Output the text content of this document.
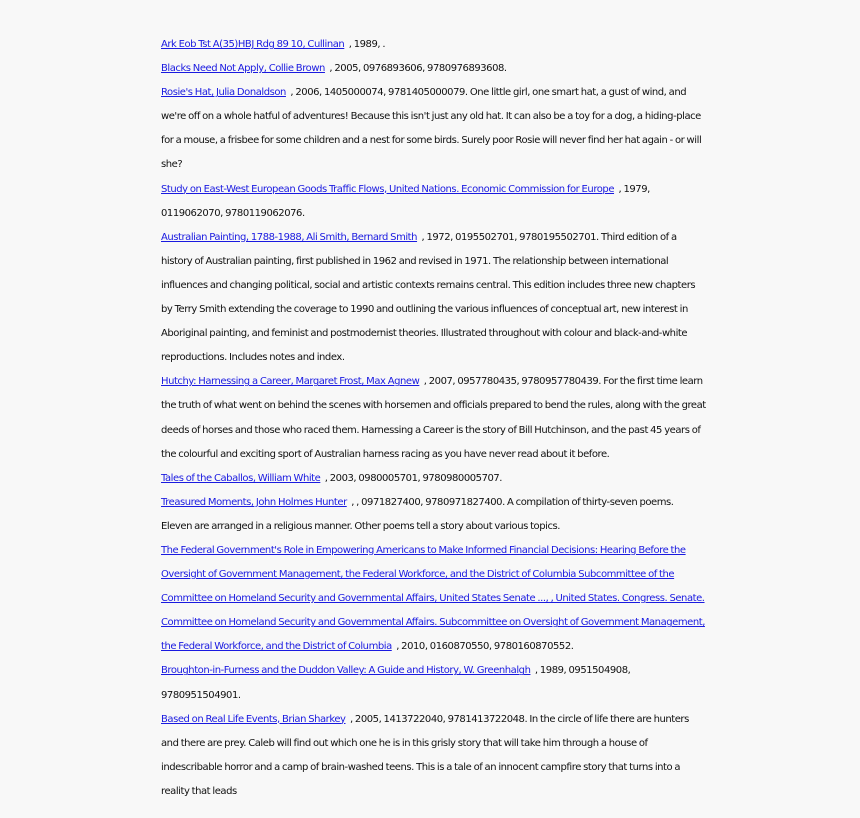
Ark Eob Tst A(35)HBJ Rdg 89 10, Cullinan  , 1989, .

Blacks Need Not Apply, Collie Brown  , 2005, 0976893606, 9780976893608.

Rosie's Hat, Julia Donaldson  , 2006, 1405000074, 9781405000079. One little girl, one smart hat, a gust of wind, and we're off on a whole hatful of adventures! Because this isn't just any old hat. It can also be a toy for a dog, a hiding-place for a mouse, a frisbee for some children and a nest for some birds. Surely poor Rosie will never find her hat again - or will she?

Study on East-West European Goods Traffic Flows, United Nations. Economic Commission for Europe  , 1979, 0119062070, 9780119062076.

Australian Painting, 1788-1988, Ali Smith, Bernard Smith  , 1972, 0195502701, 9780195502701. Third edition of a history of Australian painting, first published in 1962 and revised in 1971. The relationship between international influences and changing political, social and artistic contexts remains central. This edition includes three new chapters by Terry Smith extending the coverage to 1990 and outlining the various influences of conceptual art, new interest in Aboriginal painting, and feminist and postmodernist theories. Illustrated throughout with colour and black-and-white reproductions. Includes notes and index.

Hutchy: Harnessing a Career, Margaret Frost, Max Agnew  , 2007, 0957780435, 9780957780439. For the first time learn the truth of what went on behind the scenes with horsemen and officials prepared to bend the rules, along with the great deeds of horses and those who raced them. Harnessing a Career is the story of Bill Hutchinson, and the past 45 years of the colourful and exciting sport of Australian harness racing as you have never read about it before.

Tales of the Caballos, William White  , 2003, 0980005701, 9780980005707.

Treasured Moments, John Holmes Hunter  , , 0971827400, 9780971827400. A compilation of thirty-seven poems. Eleven are arranged in a religious manner. Other poems tell a story about various topics.

The Federal Government's Role in Empowering Americans to Make Informed Financial Decisions: Hearing Before the Oversight of Government Management, the Federal Workforce, and the District of Columbia Subcommittee of the Committee on Homeland Security and Governmental Affairs, United States Senate ..., , United States. Congress. Senate. Committee on Homeland Security and Governmental Affairs. Subcommittee on Oversight of Government Management, the Federal Workforce, and the District of Columbia  , 2010, 0160870550, 9780160870552.

Broughton-in-Furness and the Duddon Valley: A Guide and History, W. Greenhalgh  , 1989, 0951504908, 9780951504901.

Based on Real Life Events, Brian Sharkey  , 2005, 1413722040, 9781413722048. In the circle of life there are hunters and there are prey. Caleb will find out which one he is in this grisly story that will take him through a house of indescribable horror and a camp of brain-washed teens. This is a tale of an innocent campfire story that turns into a reality that leads
